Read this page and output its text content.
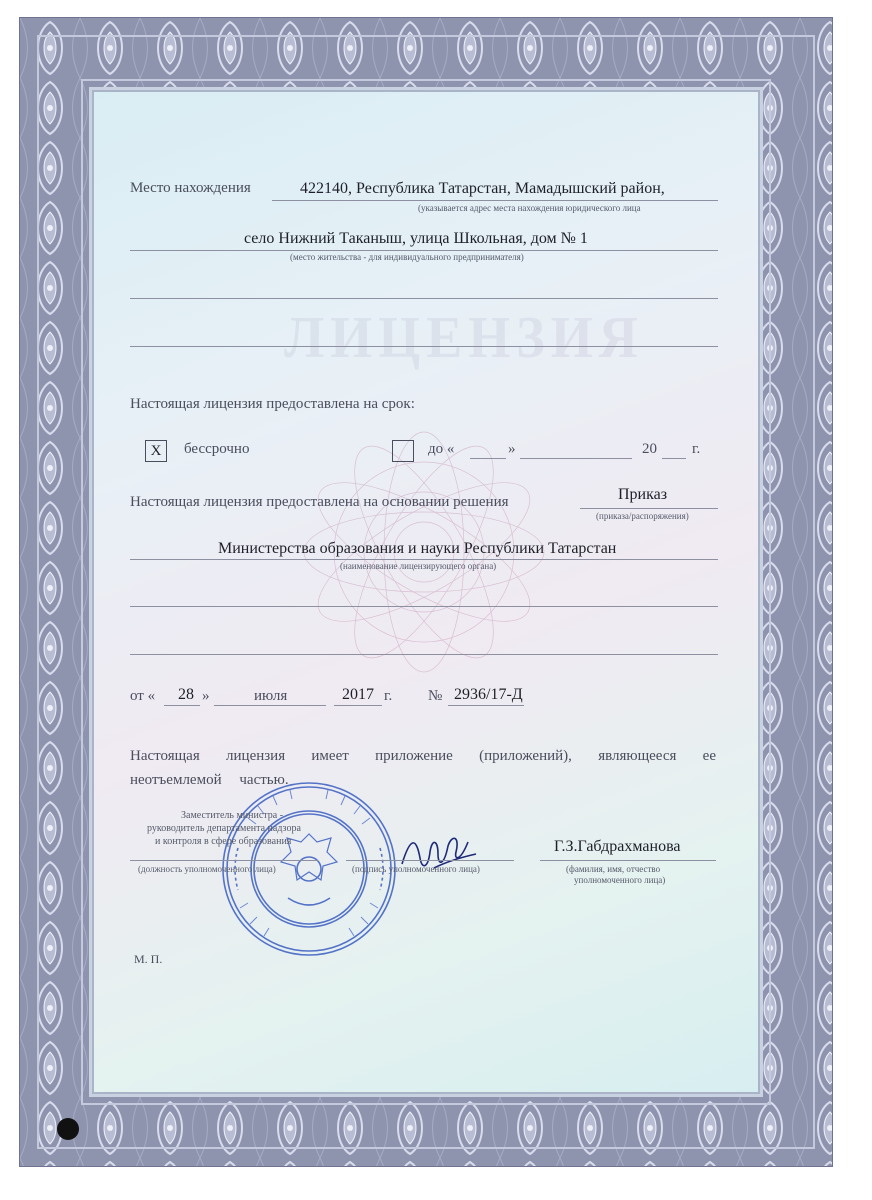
ЛИЦЕНЗИЯ
Место нахождения	422140, Республика Татарстан, Мамадышский район,
(указывается адрес места нахождения юридического лица
село Нижний Таканыш, улица Школьная, дом № 1
(место жительства - для индивидуального предпринимателя)
Настоящая лицензия предоставлена на срок:
X	бессрочно	до «	»	20 г.
Настоящая лицензия предоставлена на основании решения	Приказ
(приказа/распоряжения)
Министерства образования и науки Республики Татарстан
(наименование лицензирующего органа)
от « 28 »	июля	2017 г. № 2936/17-Д
Настоящая лицензия имеет приложение (приложений), являющееся ее
неотъемлемой частью.
Заместитель министра -
руководитель департамента надзора
и контроля в сфере образования
(должность уполномоченного лица)	(подпись уполномоченного лица)
Г.З.Габдрахманова
(фамилия, имя, отчество
уполномоченного лица)
М. П.
